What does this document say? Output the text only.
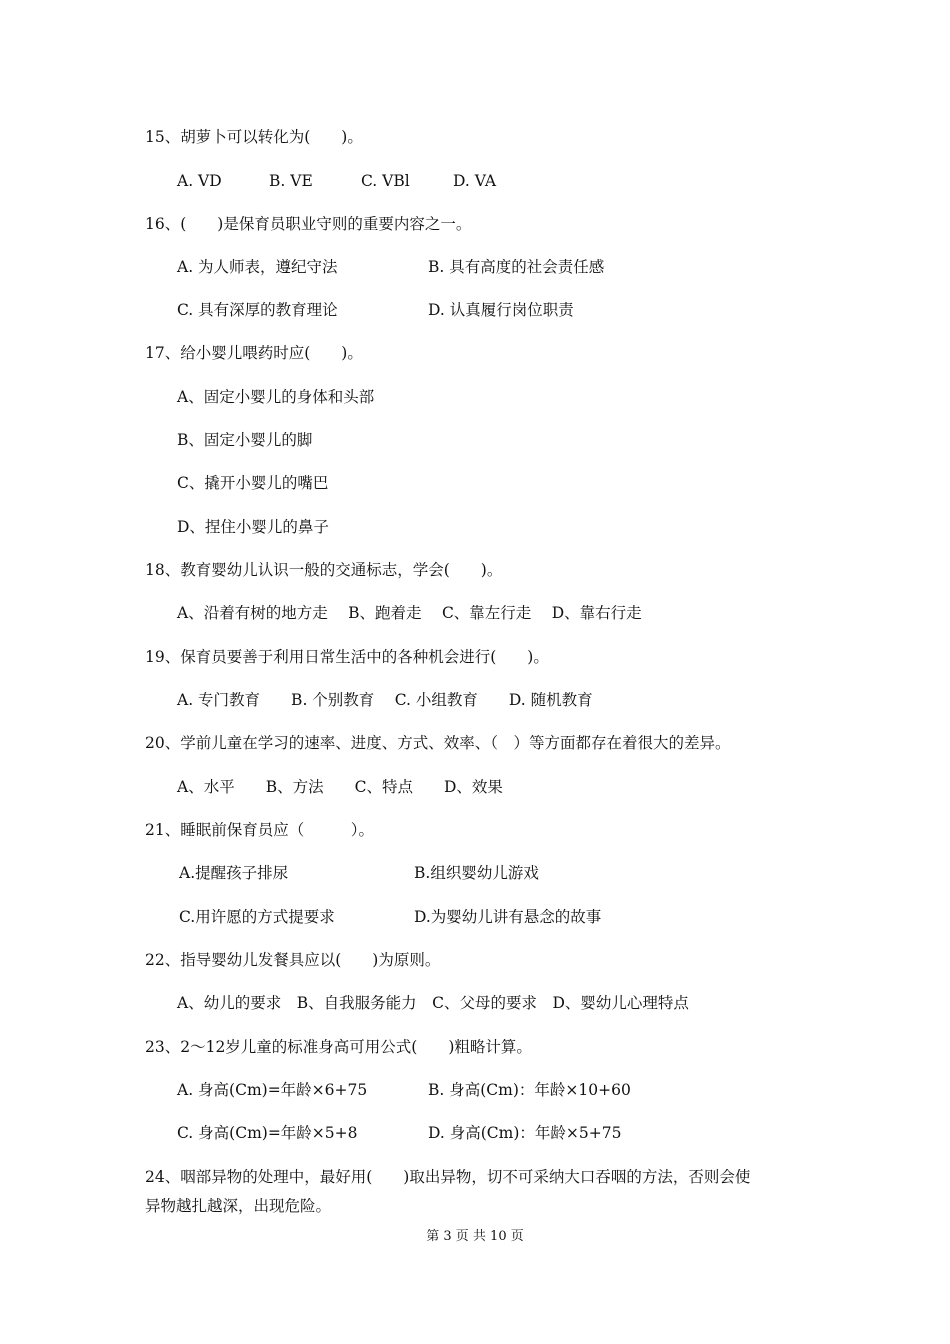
15、胡萝卜可以转化为(　　)。
A. VD	B. VE	C. VBl	D. VA
16、(　　)是保育员职业守则的重要内容之一。
A. 为人师表，遵纪守法	B. 具有高度的社会责任感
C. 具有深厚的教育理论	D. 认真履行岗位职责
17、给小婴儿喂药时应(　　)。
A、固定小婴儿的身体和头部
B、固定小婴儿的脚
C、撬开小婴儿的嘴巴
D、捏住小婴儿的鼻子
18、教育婴幼儿认识一般的交通标志，学会(　　)。
A、沿着有树的地方走　 B、跑着走　 C、靠左行走　 D、靠右行走
19、保育员要善于利用日常生活中的各种机会进行(　　)。
A. 专门教育　　B. 个别教育　 C. 小组教育　　D. 随机教育
20、学前儿童在学习的速率、进度、方式、效率、（　）等方面都存在着很大的差异。
A、水平　　B、方法　　C、特点　　D、效果
21、睡眠前保育员应（　　　）。
A.提醒孩子排尿	B.组织婴幼儿游戏
C.用许愿的方式提要求	D.为婴幼儿讲有悬念的故事
22、指导婴幼儿发餐具应以(　　)为原则。
A、幼儿的要求　B、自我服务能力　C、父母的要求　D、婴幼儿心理特点
23、2～12岁儿童的标准身高可用公式(　　)粗略计算。
A. 身高(Cm)=年龄×6+75	B. 身高(Cm)：年龄×10+60
C. 身高(Cm)=年龄×5+8	D. 身高(Cm)：年龄×5+75
24、咽部异物的处理中，最好用(　　)取出异物，切不可采纳大口吞咽的方法，否则会使
异物越扎越深，出现危险。
第 3 页 共 10 页
